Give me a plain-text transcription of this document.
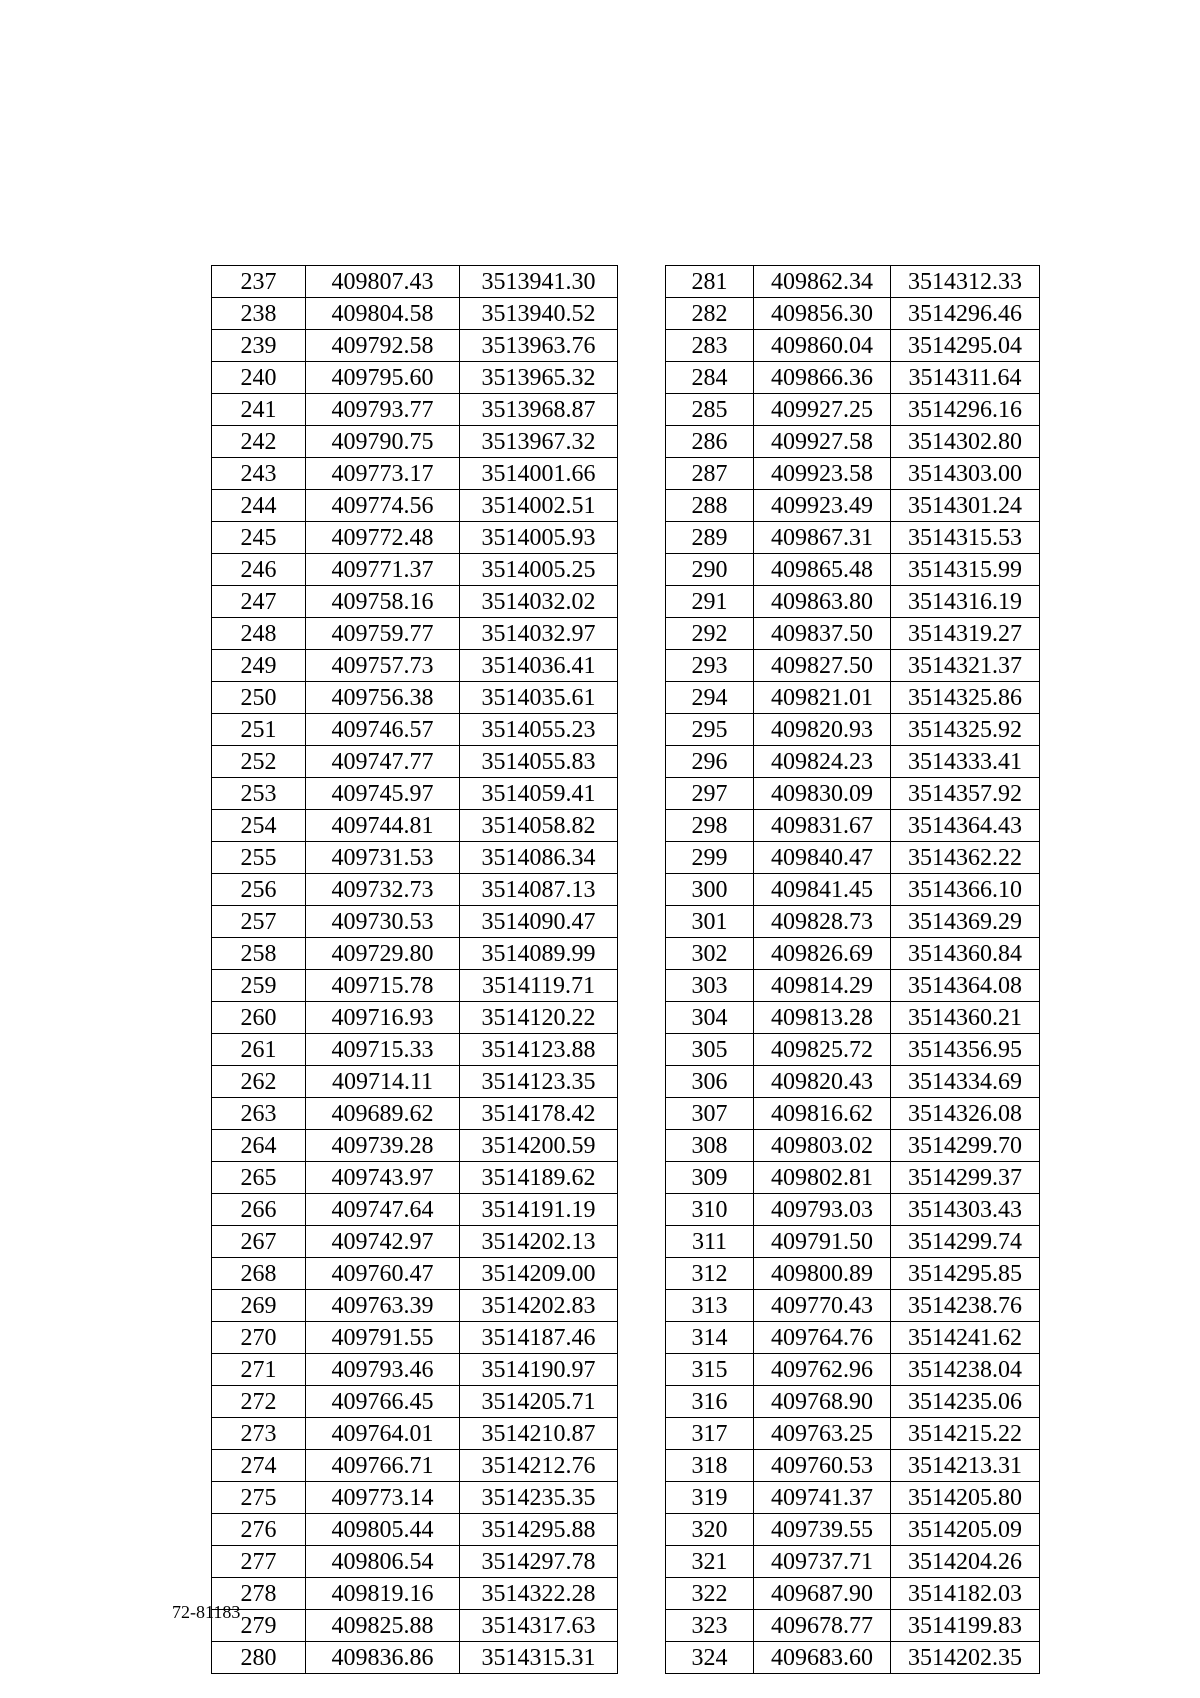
237	409807.43	3513941.30
238	409804.58	3513940.52
239	409792.58	3513963.76
240	409795.60	3513965.32
241	409793.77	3513968.87
242	409790.75	3513967.32
243	409773.17	3514001.66
244	409774.56	3514002.51
245	409772.48	3514005.93
246	409771.37	3514005.25
247	409758.16	3514032.02
248	409759.77	3514032.97
249	409757.73	3514036.41
250	409756.38	3514035.61
251	409746.57	3514055.23
252	409747.77	3514055.83
253	409745.97	3514059.41
254	409744.81	3514058.82
255	409731.53	3514086.34
256	409732.73	3514087.13
257	409730.53	3514090.47
258	409729.80	3514089.99
259	409715.78	3514119.71
260	409716.93	3514120.22
261	409715.33	3514123.88
262	409714.11	3514123.35
263	409689.62	3514178.42
264	409739.28	3514200.59
265	409743.97	3514189.62
266	409747.64	3514191.19
267	409742.97	3514202.13
268	409760.47	3514209.00
269	409763.39	3514202.83
270	409791.55	3514187.46
271	409793.46	3514190.97
272	409766.45	3514205.71
273	409764.01	3514210.87
274	409766.71	3514212.76
275	409773.14	3514235.35
276	409805.44	3514295.88
277	409806.54	3514297.78
278	409819.16	3514322.28
279	409825.88	3514317.63
280	409836.86	3514315.31
281	409862.34	3514312.33
282	409856.30	3514296.46
283	409860.04	3514295.04
284	409866.36	3514311.64
285	409927.25	3514296.16
286	409927.58	3514302.80
287	409923.58	3514303.00
288	409923.49	3514301.24
289	409867.31	3514315.53
290	409865.48	3514315.99
291	409863.80	3514316.19
292	409837.50	3514319.27
293	409827.50	3514321.37
294	409821.01	3514325.86
295	409820.93	3514325.92
296	409824.23	3514333.41
297	409830.09	3514357.92
298	409831.67	3514364.43
299	409840.47	3514362.22
300	409841.45	3514366.10
301	409828.73	3514369.29
302	409826.69	3514360.84
303	409814.29	3514364.08
304	409813.28	3514360.21
305	409825.72	3514356.95
306	409820.43	3514334.69
307	409816.62	3514326.08
308	409803.02	3514299.70
309	409802.81	3514299.37
310	409793.03	3514303.43
311	409791.50	3514299.74
312	409800.89	3514295.85
313	409770.43	3514238.76
314	409764.76	3514241.62
315	409762.96	3514238.04
316	409768.90	3514235.06
317	409763.25	3514215.22
318	409760.53	3514213.31
319	409741.37	3514205.80
320	409739.55	3514205.09
321	409737.71	3514204.26
322	409687.90	3514182.03
323	409678.77	3514199.83
324	409683.60	3514202.35
72-81183
